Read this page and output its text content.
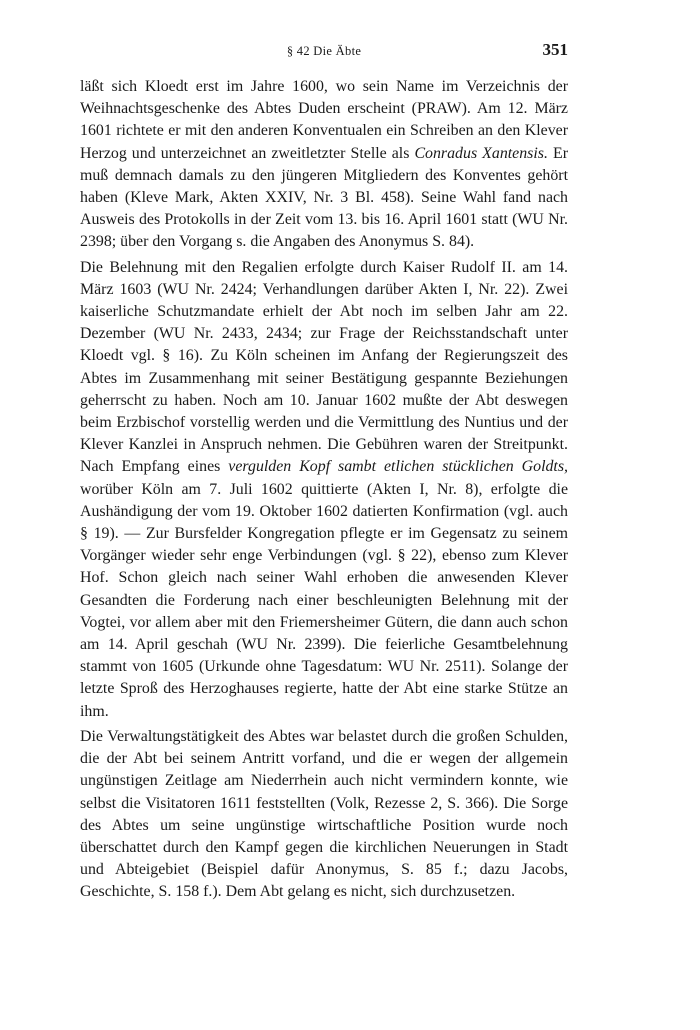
§ 42 Die Äbte	351

läßt sich Kloedt erst im Jahre 1600, wo sein Name im Verzeichnis der Weihnachtsgeschenke des Abtes Duden erscheint (PRAW). Am 12. März 1601 richtete er mit den anderen Konventualen ein Schreiben an den Klever Herzog und unterzeichnet an zweitletzter Stelle als Conradus Xantensis. Er muß demnach damals zu den jüngeren Mitgliedern des Konventes gehört haben (Kleve Mark, Akten XXIV, Nr. 3 Bl. 458). Seine Wahl fand nach Ausweis des Protokolls in der Zeit vom 13. bis 16. April 1601 statt (WU Nr. 2398; über den Vorgang s. die Angaben des Anonymus S. 84).

Die Belehnung mit den Regalien erfolgte durch Kaiser Rudolf II. am 14. März 1603 (WU Nr. 2424; Verhandlungen darüber Akten I, Nr. 22). Zwei kaiserliche Schutzmandate erhielt der Abt noch im selben Jahr am 22. Dezember (WU Nr. 2433, 2434; zur Frage der Reichsstandschaft unter Kloedt vgl. § 16). Zu Köln scheinen im Anfang der Regierungszeit des Abtes im Zusammenhang mit seiner Bestätigung gespannte Beziehungen geherrscht zu haben. Noch am 10. Januar 1602 mußte der Abt deswegen beim Erzbischof vorstellig werden und die Vermittlung des Nuntius und der Klever Kanzlei in Anspruch nehmen. Die Gebühren waren der Streitpunkt. Nach Empfang eines vergulden Kopf sambt etlichen stücklichen Goldts, worüber Köln am 7. Juli 1602 quittierte (Akten I, Nr. 8), erfolgte die Aushändigung der vom 19. Oktober 1602 datierten Konfirmation (vgl. auch § 19). — Zur Bursfelder Kongregation pflegte er im Gegensatz zu seinem Vorgänger wieder sehr enge Verbindungen (vgl. § 22), ebenso zum Klever Hof. Schon gleich nach seiner Wahl erhoben die anwesenden Klever Gesandten die Forderung nach einer beschleunigten Belehnung mit der Vogtei, vor allem aber mit den Friemersheimer Gütern, die dann auch schon am 14. April geschah (WU Nr. 2399). Die feierliche Gesamtbelehnung stammt von 1605 (Urkunde ohne Tagesdatum: WU Nr. 2511). Solange der letzte Sproß des Herzoghauses regierte, hatte der Abt eine starke Stütze an ihm.

Die Verwaltungstätigkeit des Abtes war belastet durch die großen Schulden, die der Abt bei seinem Antritt vorfand, und die er wegen der allgemein ungünstigen Zeitlage am Niederrhein auch nicht vermindern konnte, wie selbst die Visitatoren 1611 feststellten (Volk, Rezesse 2, S. 366). Die Sorge des Abtes um seine ungünstige wirtschaftliche Position wurde noch überschattet durch den Kampf gegen die kirchlichen Neuerungen in Stadt und Abteigebiet (Beispiel dafür Anonymus, S. 85 f.; dazu Jacobs, Geschichte, S. 158 f.). Dem Abt gelang es nicht, sich durchzusetzen.
